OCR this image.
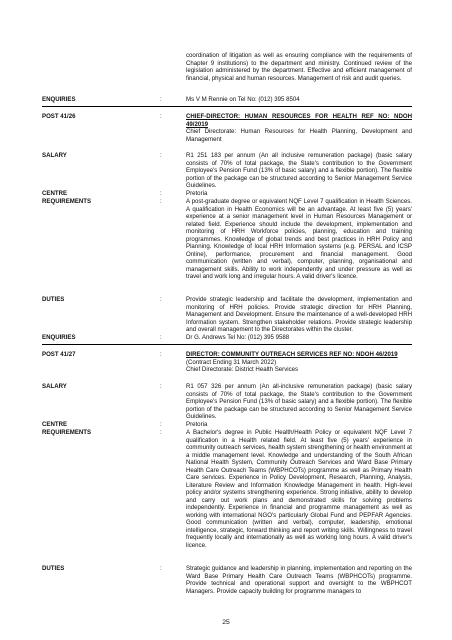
coordination of litigation as well as ensuring compliance with the requirements of Chapter 9 institutions) to the department and ministry. Continued review of the legislation administered by the department. Effective and efficient management of financial, physical and human resources. Management of risk and audit queries.
ENQUIRIES	:	Ms V M Rennie on Tel No: (012) 395 8504
POST 41/26	:	CHIEF-DIRECTOR: HUMAN RESOURCES FOR HEALTH REF NO: NDOH 49/2019
Chief Directorate: Human Resources for Health Planning, Development and Management
SALARY	:	R1 251 183 per annum (An all inclusive remuneration package) (basic salary consists of 70% of total package, the State's contribution to the Government Employee's Pension Fund (13% of basic salary) and a flexible portion). The flexible portion of the package can be structured according to Senior Management Service Guidelines.
CENTRE	:	Pretoria
REQUIREMENTS	:	A post-graduate degree or equivalent NQF Level 7 qualification in Health Sciences. A qualification in Health Economics will be an advantage. At least five (5) years' experience at a senior management level in Human Resources Management or related field. Experience should include the development, implementation and monitoring of HRH Workforce policies, planning, education and training programmes. Knowledge of global trends and best practices in HRH Policy and Planning. Knowledge of local HRH Information systems (e.g. PERSAL and ICSP Online), performance, procurement and financial management. Good communication (written and verbal), computer, planning, organisational and management skills. Ability to work independently and under pressure as well as travel and work long and irregular hours. A valid driver's licence.
DUTIES	:	Provide strategic leadership and facilitate the development, implementation and monitoring of HRH policies. Provide strategic direction for HRH Planning, Management and Development. Ensure the maintenance of a well-developed HRH Information system. Strengthen stakeholder relations. Provide strategic leadership and overall management to the Directorates within the cluster.
ENQUIRIES	:	Dr G. Andrews Tel No: (012) 395 9588
POST 41/27	:	DIRECTOR: COMMUNITY OUTREACH SERVICES REF NO: NDOH 46/2019
(Contract Ending 31 March 2022)
Chief Directorate: District Health Services
SALARY	:	R1 057 326 per annum (An all-inclusive remuneration package) (basic salary consists of 70% of total package, the State's contribution to the Government Employee's Pension Fund (13% of basic salary) and a flexible portion). The flexible portion of the package can be structured according to Senior Management Service Guidelines.
CENTRE	:	Pretoria
REQUIREMENTS	:	A Bachelor's degree in Public Health/Health Policy or equivalent NQF Level 7 qualification in a Health related field. At least five (5) years' experience in community outreach services, health system strengthening or health environment at a middle management level. Knowledge and understanding of the South African National Health System, Community Outreach Services and Ward Base Primary Health Care Outreach Teams (WBPHCOTs) programme as well as Primary Health Care services. Experience in Policy Development, Research, Planning, Analysis, Literature Review and Information Knowledge Management in health. High-level policy and/or systems strengthening experience. Strong initiative, ability to develop and carry out work plans and demonstrated skills for solving problems independently. Experience in financial and programme management as well as working with international NGO's particularly Global Fund and PEPFAR Agencies. Good communication (written and verbal), computer, leadership, emotional intelligence, strategic, forward thinking and report writing skills. Willingness to travel frequently locally and internationally as well as working long hours. A valid driver's licence.
DUTIES	:	Strategic guidance and leadership in planning, implementation and reporting on the Ward Base Primary Health Care Outreach Teams (WBPHCOTs) programme. Provide technical and operational support and oversight to the WBPHCOT Managers. Provide capacity building for programme managers to
25
